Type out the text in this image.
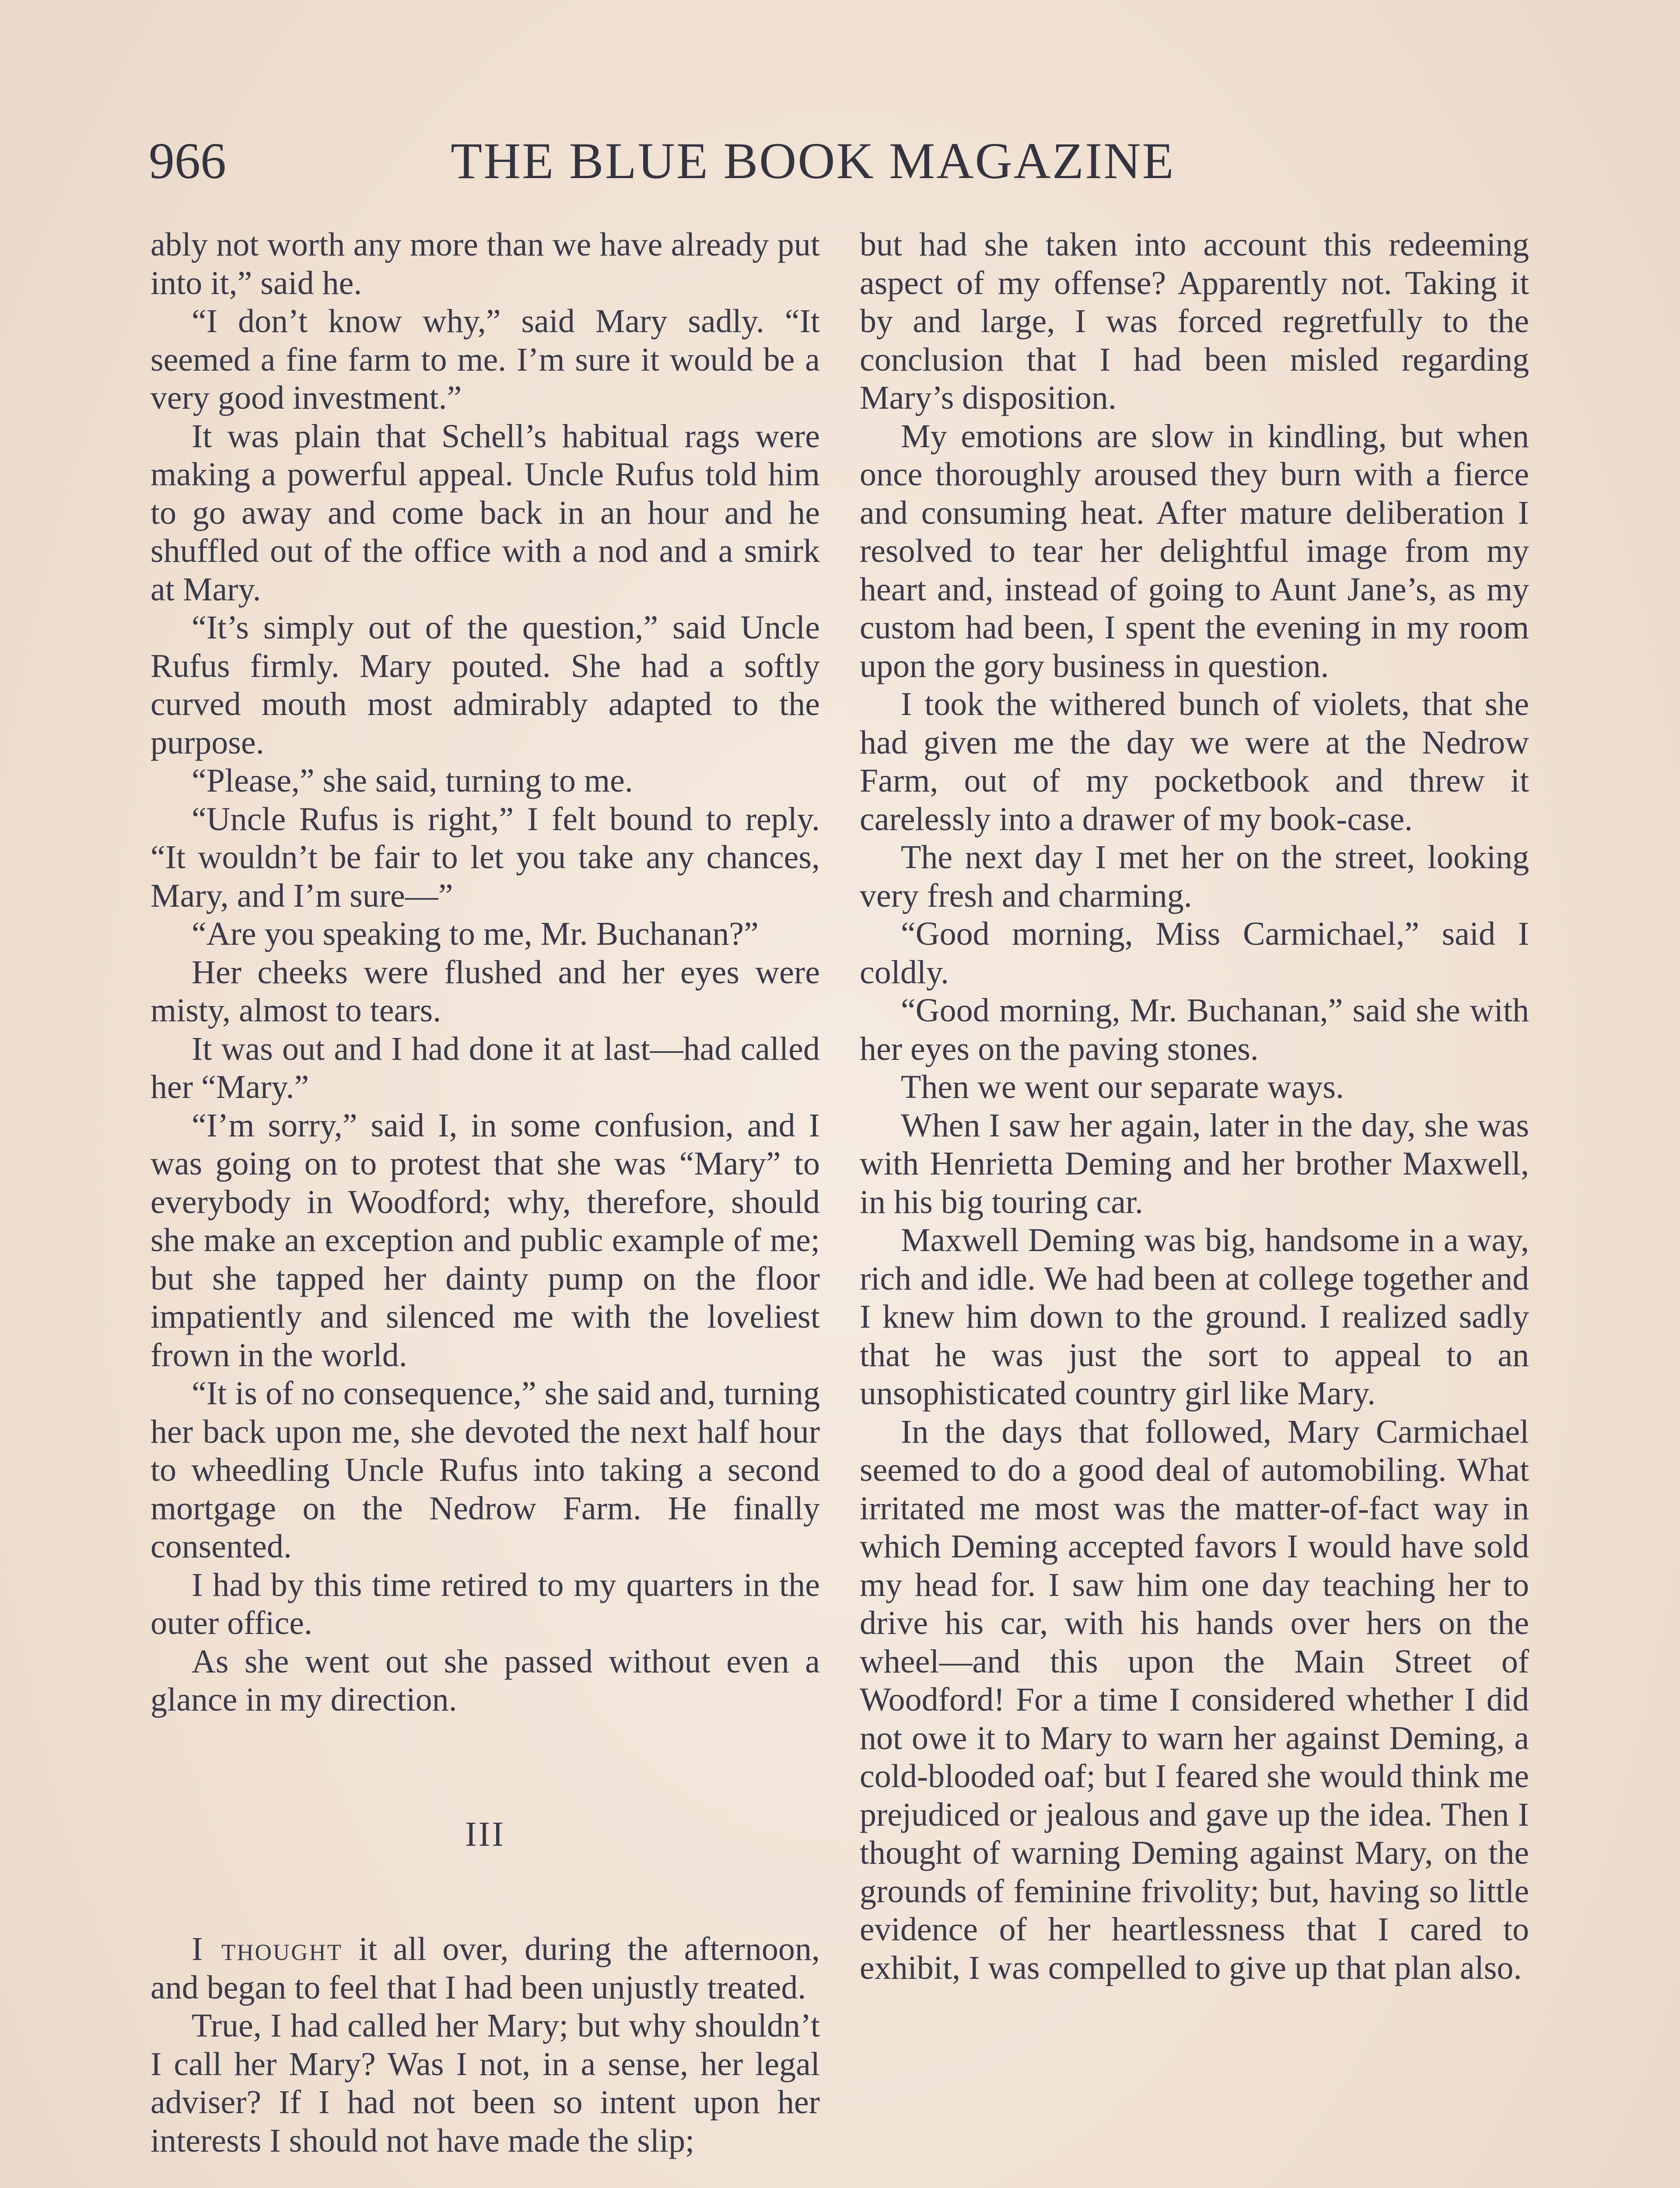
966	THE BLUE BOOK MAGAZINE

ably not worth any more than we have already put into it,” said he.

“I don’t know why,” said Mary sadly. “It seemed a fine farm to me. I’m sure it would be a very good investment.”

It was plain that Schell’s habitual rags were making a powerful appeal. Uncle Rufus told him to go away and come back in an hour and he shuffled out of the office with a nod and a smirk at Mary.

“It’s simply out of the question,” said Uncle Rufus firmly. Mary pouted. She had a softly curved mouth most admirably adapted to the purpose.

“Please,” she said, turning to me.

“Uncle Rufus is right,” I felt bound to reply. “It wouldn’t be fair to let you take any chances, Mary, and I’m sure—”

“Are you speaking to me, Mr. Buchanan?”

Her cheeks were flushed and her eyes were misty, almost to tears.

It was out and I had done it at last—had called her “Mary.”

“I’m sorry,” said I, in some confusion, and I was going on to protest that she was “Mary” to everybody in Woodford; why, therefore, should she make an exception and public example of me; but she tapped her dainty pump on the floor impatiently and silenced me with the loveliest frown in the world.

“It is of no consequence,” she said and, turning her back upon me, she devoted the next half hour to wheedling Uncle Rufus into taking a second mortgage on the Nedrow Farm. He finally consented.

I had by this time retired to my quarters in the outer office.

As she went out she passed without even a glance in my direction.

III

I thought it all over, during the afternoon, and began to feel that I had been unjustly treated.

True, I had called her Mary; but why shouldn’t I call her Mary? Was I not, in a sense, her legal adviser? If I had not been so intent upon her interests I should not have made the slip;

but had she taken into account this redeeming aspect of my offense? Apparently not. Taking it by and large, I was forced regretfully to the conclusion that I had been misled regarding Mary’s disposition.

My emotions are slow in kindling, but when once thoroughly aroused they burn with a fierce and consuming heat. After mature deliberation I resolved to tear her delightful image from my heart and, instead of going to Aunt Jane’s, as my custom had been, I spent the evening in my room upon the gory business in question.

I took the withered bunch of violets, that she had given me the day we were at the Nedrow Farm, out of my pocketbook and threw it carelessly into a drawer of my book-case.

The next day I met her on the street, looking very fresh and charming.

“Good morning, Miss Carmichael,” said I coldly.

“Good morning, Mr. Buchanan,” said she with her eyes on the paving stones.

Then we went our separate ways.

When I saw her again, later in the day, she was with Henrietta Deming and her brother Maxwell, in his big touring car.

Maxwell Deming was big, handsome in a way, rich and idle. We had been at college together and I knew him down to the ground. I realized sadly that he was just the sort to appeal to an unsophisticated country girl like Mary.

In the days that followed, Mary Carmichael seemed to do a good deal of automobiling. What irritated me most was the matter-of-fact way in which Deming accepted favors I would have sold my head for. I saw him one day teaching her to drive his car, with his hands over hers on the wheel—and this upon the Main Street of Woodford! For a time I considered whether I did not owe it to Mary to warn her against Deming, a cold-blooded oaf; but I feared she would think me prejudiced or jealous and gave up the idea. Then I thought of warning Deming against Mary, on the grounds of feminine frivolity; but, having so little evidence of her heartlessness that I cared to exhibit, I was compelled to give up that plan also.
